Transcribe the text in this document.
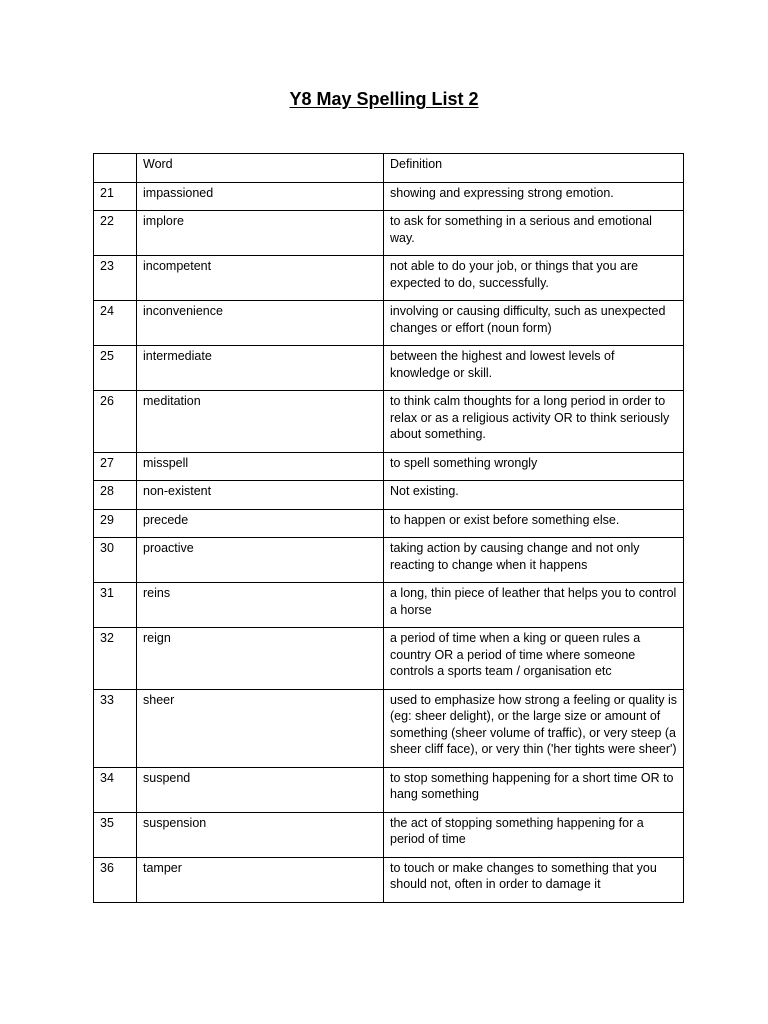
Y8 May Spelling List 2
	Word	Definition
21	impassioned	showing and expressing strong emotion.
22	implore	to ask for something in a serious and emotional way.
23	incompetent	not able to do your job, or things that you are expected to do, successfully.
24	inconvenience	involving or causing difficulty, such as unexpected changes or effort (noun form)
25	intermediate	between the highest and lowest levels of knowledge or skill.
26	meditation	to think calm thoughts for a long period in order to relax or as a religious activity OR to think seriously about something.
27	misspell	to spell something wrongly
28	non-existent	Not existing.
29	precede	to happen or exist before something else.
30	proactive	taking action by causing change and not only reacting to change when it happens
31	reins	a long, thin piece of leather that helps you to control a horse
32	reign	a period of time when a king or queen rules a country OR a period of time where someone controls a sports team / organisation etc
33	sheer	used to emphasize how strong a feeling or quality is (eg: sheer delight), or the large size or amount of something (sheer volume of traffic), or very steep (a sheer cliff face), or very thin ('her tights were sheer')
34	suspend	to stop something happening for a short time OR to hang something
35	suspension	the act of stopping something happening for a period of time
36	tamper	to touch or make changes to something that you should not, often in order to damage it
